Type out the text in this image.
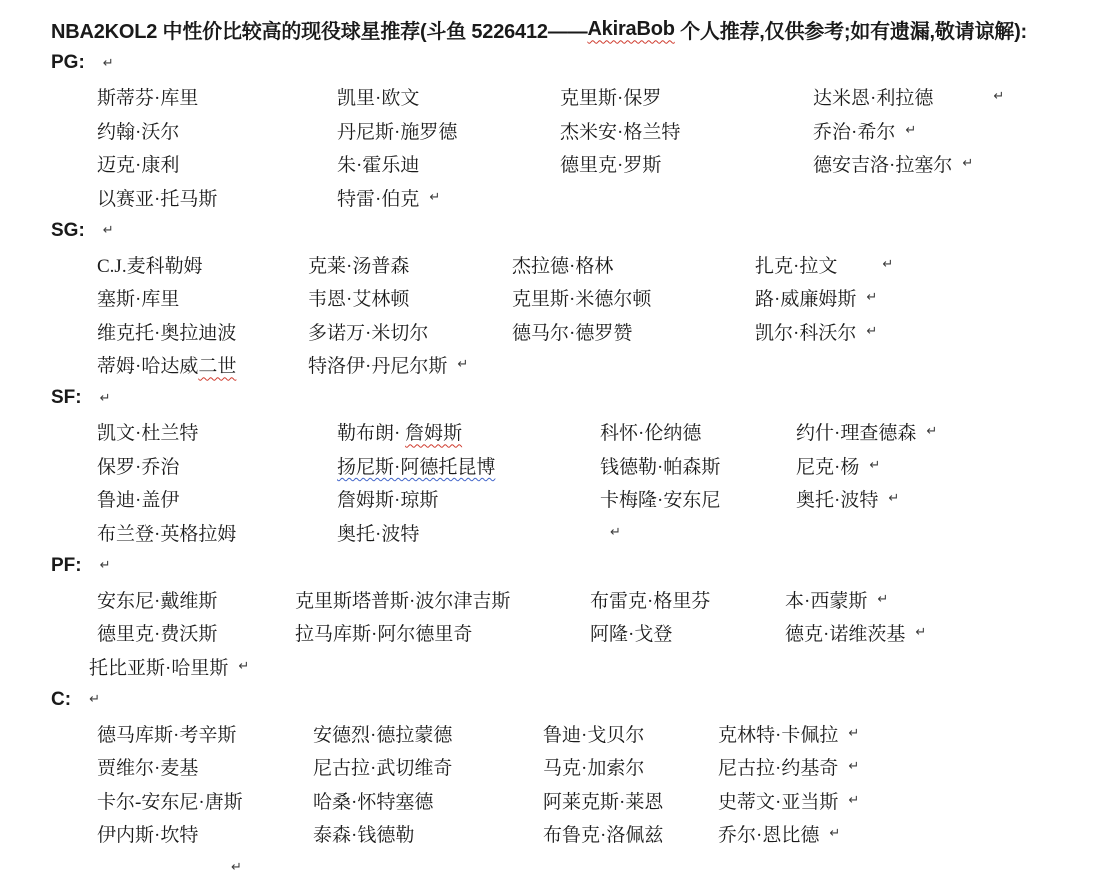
NBA2KOL2 中性价比较高的现役球星推荐(斗鱼 5226412—— AkiraBob 个人推荐,仅供参考;如有遗漏,敬请谅解):
PG: ↵
斯蒂芬·库里	凯里·欧文	克里斯·保罗	达米恩·利拉德	↵
约翰·沃尔	丹尼斯·施罗德	杰米安·格兰特	乔治·希尔 ↵
迈克·康利	朱·霍乐迪	德里克·罗斯	德安吉洛·拉塞尔 ↵
以赛亚·托马斯	特雷·伯克 ↵
SG: ↵
C.J.麦科勒姆	克莱·汤普森	杰拉德·格林	扎克·拉文	↵
塞斯·库里	韦恩·艾林顿	克里斯·米德尔顿	路·威廉姆斯 ↵
维克托·奥拉迪波	多诺万·米切尔	德马尔·德罗赞	凯尔·科沃尔 ↵
蒂姆·哈达威二世	特洛伊·丹尼尔斯 ↵
SF: ↵
凯文·杜兰特	勒布朗· 詹姆斯	科怀·伦纳德	约什·理查德森 ↵
保罗·乔治	扬尼斯·阿德托昆博	钱德勒·帕森斯	尼克·杨 ↵
鲁迪·盖伊	詹姆斯·琼斯	卡梅隆·安东尼	奥托·波特 ↵
布兰登·英格拉姆	奥托·波特	↵
PF: ↵
安东尼·戴维斯	克里斯塔普斯·波尔津吉斯	布雷克·格里芬	本·西蒙斯 ↵
德里克·费沃斯	拉马库斯·阿尔德里奇	阿隆·戈登	德克·诺维茨基 ↵
托比亚斯·哈里斯 ↵
C: ↵
德马库斯·考辛斯	安德烈·德拉蒙德	鲁迪·戈贝尔	克林特·卡佩拉 ↵
贾维尔·麦基	尼古拉·武切维奇	马克·加索尔	尼古拉·约基奇 ↵
卡尔-安东尼·唐斯	哈桑·怀特塞德	阿莱克斯·莱恩	史蒂文·亚当斯 ↵
伊内斯·坎特	泰森·钱德勒	布鲁克·洛佩兹	乔尔·恩比德 ↵
↵
